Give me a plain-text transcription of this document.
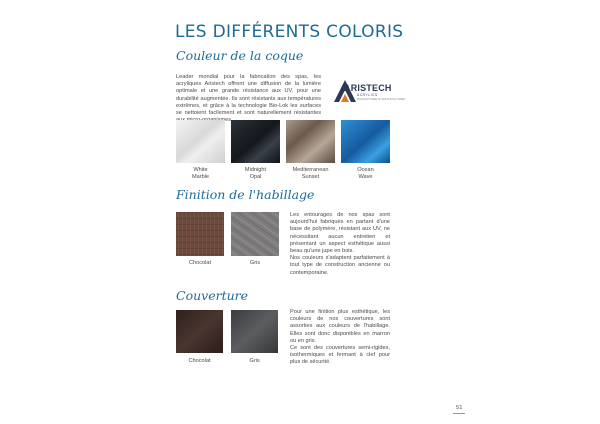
LES DIFFÉRENTS COLORIS
Couleur de la coque

Leader mondial pour la fabrication des spas, les acryliques Aristech offrent une diffusion de la lumière optimale et une grande résistance aux UV, pour une durabilité augmentée. Ils sont résistants aux températures extrêmes, et grâce à la technologie Bio-Lok les surfaces se nettoient facilement et sont naturellement résistantes

ARISTECH
ACRYLICS
MANUFACTURER OF SPA ACRYLIC SHEET
White
Marble
Midnight
Opal
Mediterranean
Sunset
Ocean
Wave
Finition de l'habillage
Chocolat	Gris

Les entourages de nos spas sont aujourd'hui fabriqués en partant d'une base de polymère, résistant aux UV, ne nécessitant aucun entretien et présentant un aspect esthétique aussi beau qu'une jupe en bois.

Nos couleurs s'adaptent parfaitement à tout type de construction ancienne ou contemporaine.

Couverture
Chocolat	Gris

Pour une finition plus esthétique, les couleurs de nos couvertures sont assorties aux couleurs de l'habillage. Elles sont donc disponibles en marron ou en gris.

Ce sont des couvertures semi-rigides, isothermiques et fermant à clef pour plus de sécurité.

51
